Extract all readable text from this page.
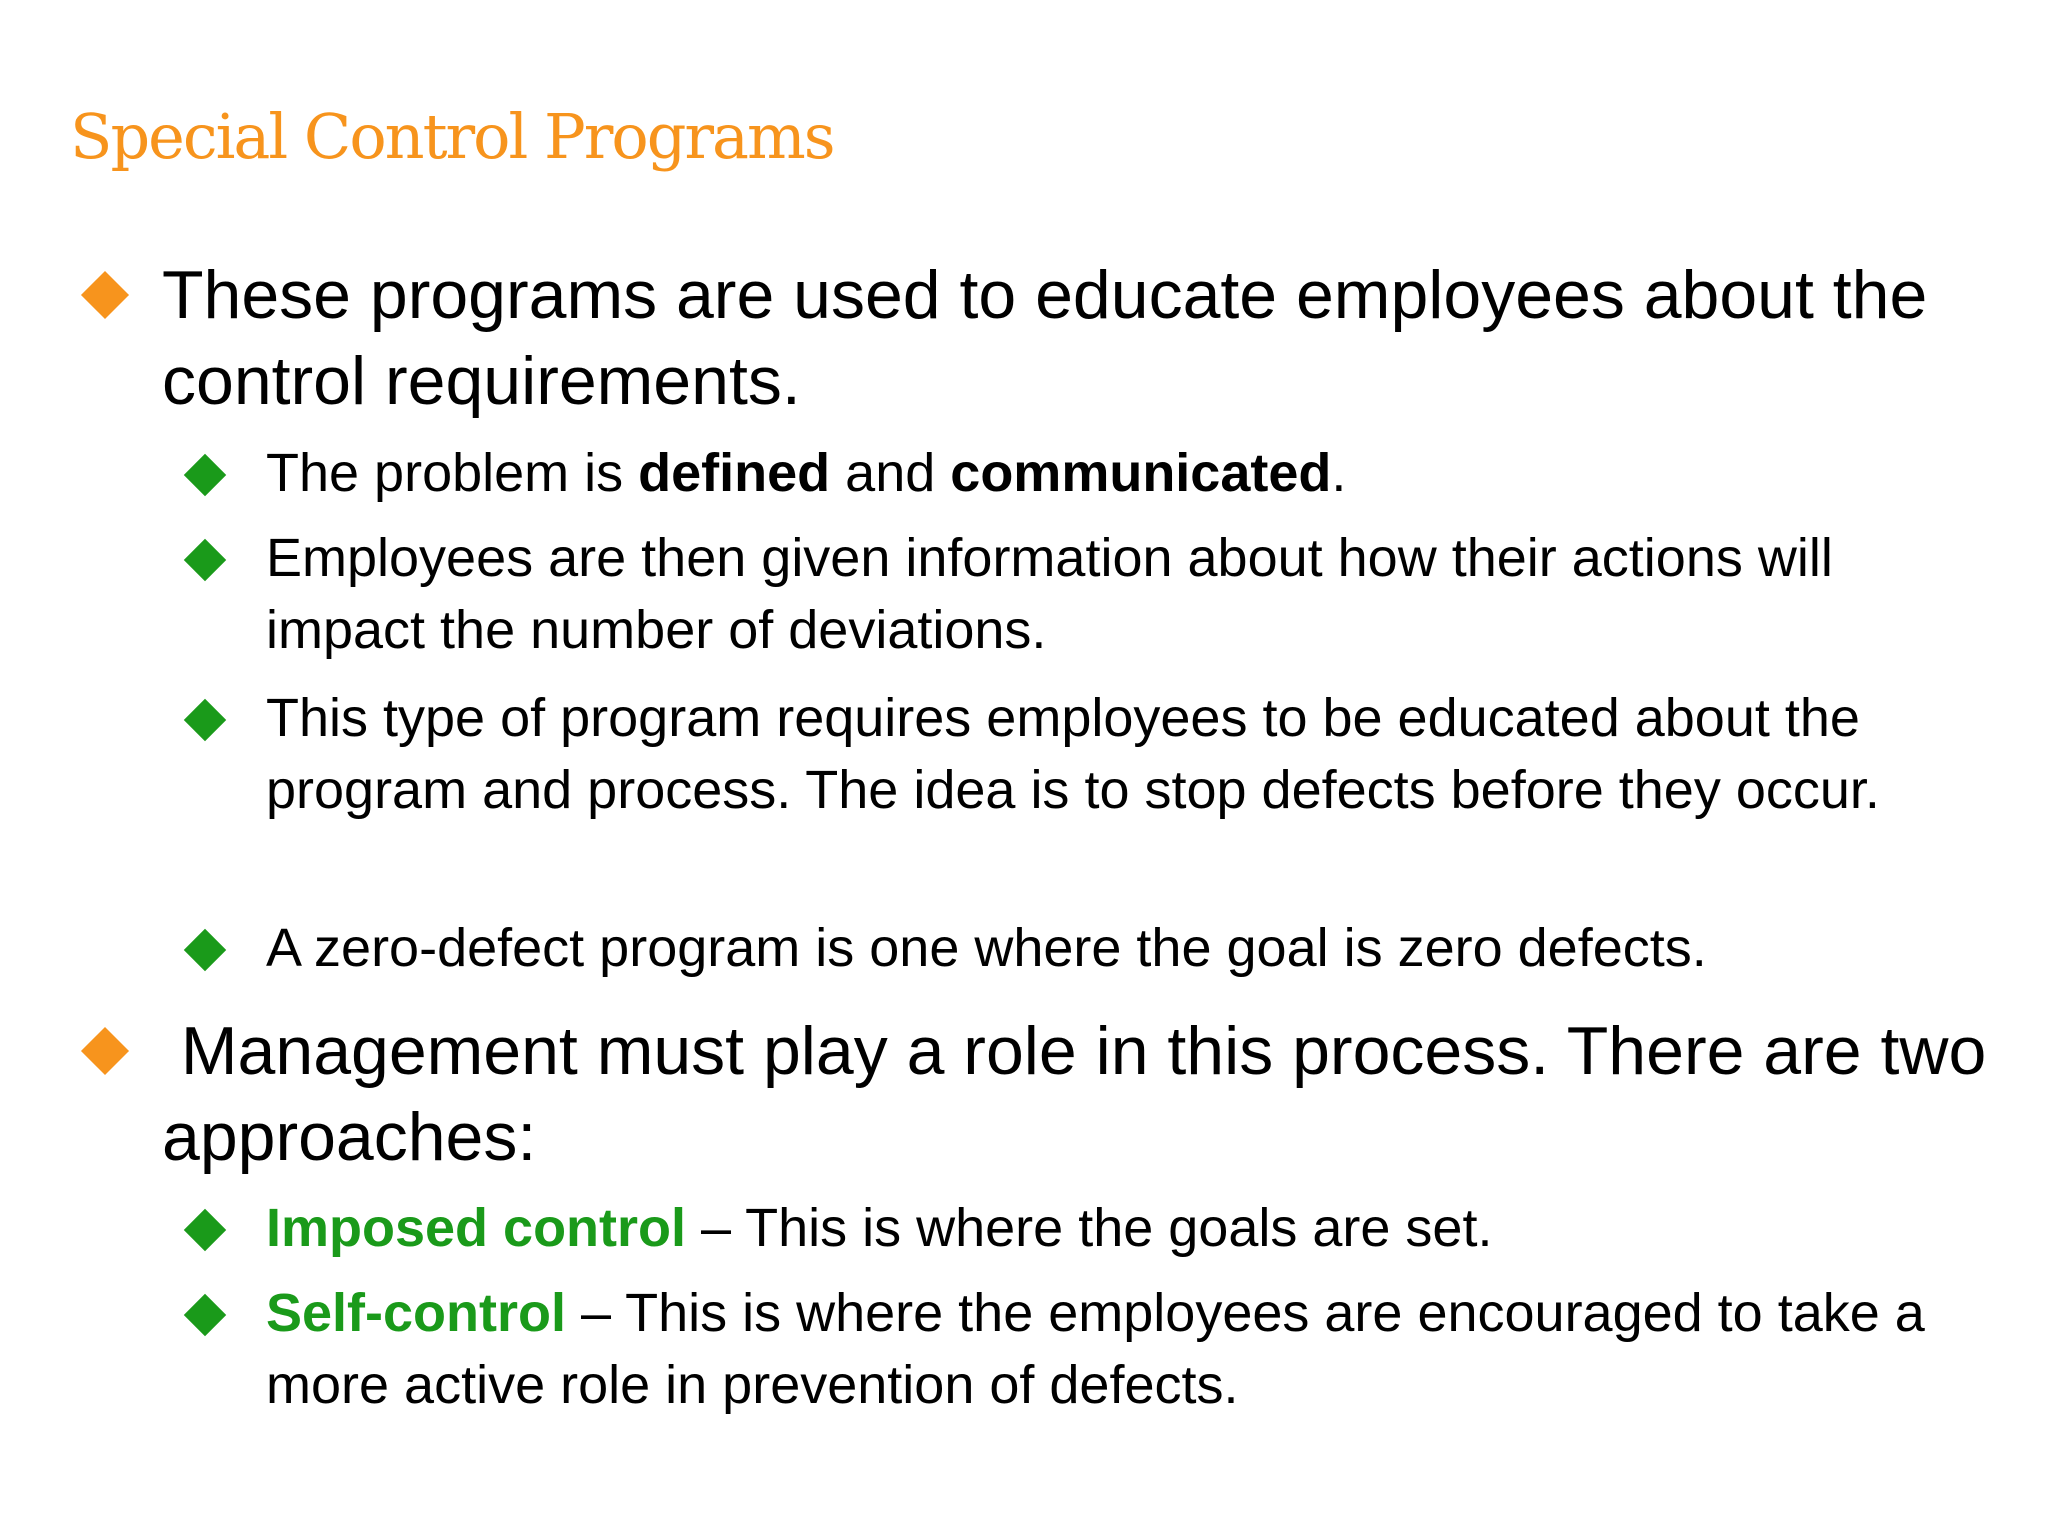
Special Control Programs
These programs are used to educate employees about the control requirements.
The problem is defined and communicated.
Employees are then given information about how their actions will impact the number of deviations.
This type of program requires employees to be educated about the program and process. The idea is to stop defects before they occur.
A zero-defect program is one where the goal is zero defects.
Management must play a role in this process. There are two approaches:
Imposed control – This is where the goals are set.
Self-control – This is where the employees are encouraged to take a more active role in prevention of defects.
